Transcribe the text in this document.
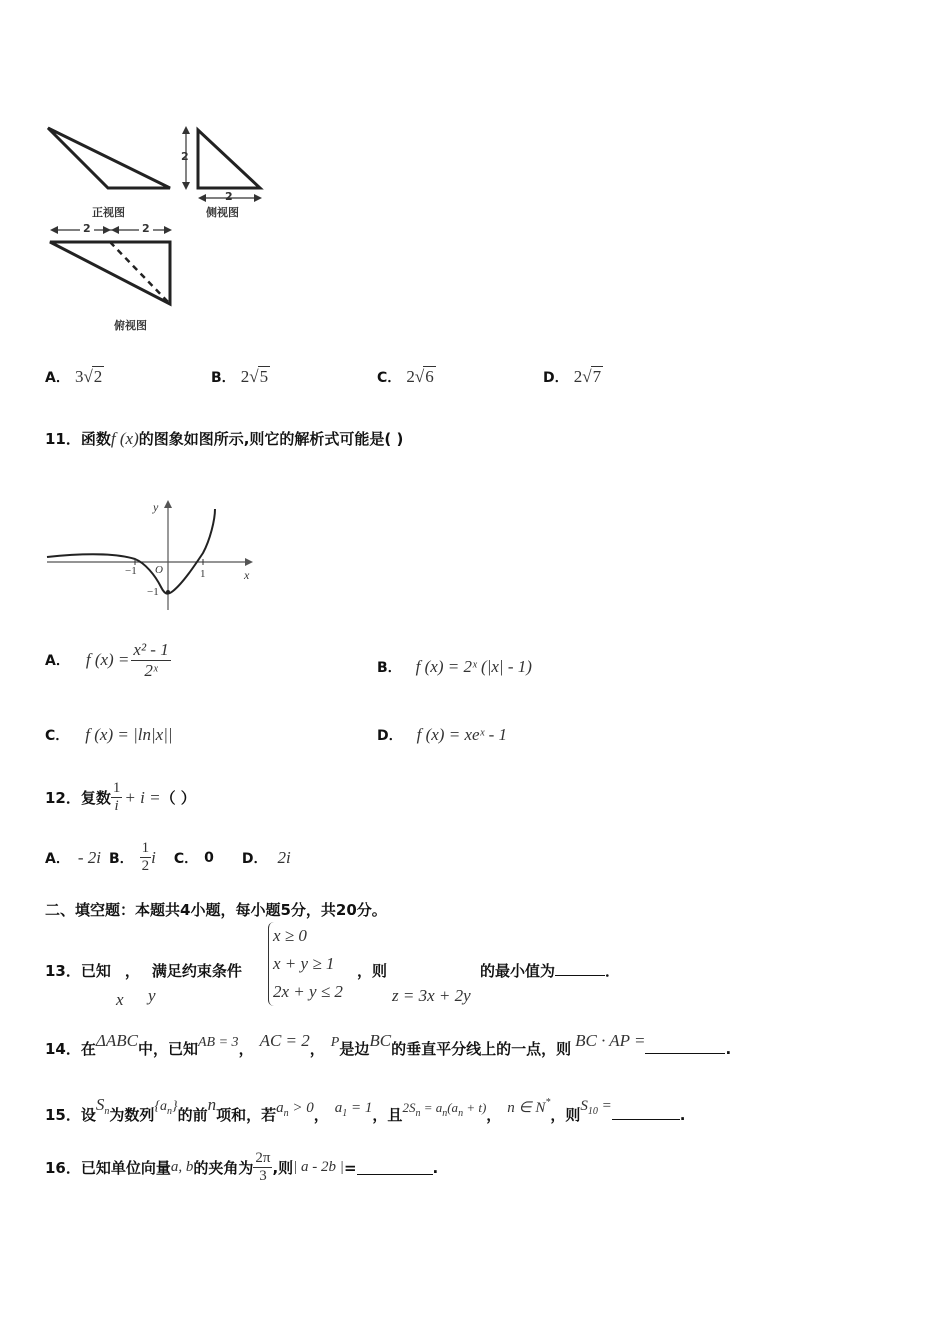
2
2
正视图	侧视图
2	2
俯视图
A． 3√2	B． 2√5	C． 2√6	D． 2√7
11．函数f (x)的图象如图所示,则它的解析式可能是( )
y
x
O
−1	1
−1
A． f $(x) = \frac{\text{x² - 1}}{\text{2ˣ}}$	B． f (x) = 2ˣ (|x| - 1)
C． f (x) = |ln|x||	D． f (x) = xeˣ - 1
12． 复数 $\frac{1}{i} + i$ = （ ）
A． - 2i B． $\frac{1}{2}$ i C． 0 D． 2i
二、填空题：本题共4小题，每小题5分，共20分。
13．已知 ， 满足约束条件
x y
x ≥ 0
x + y ≥ 1
2x + y ≤ 2
，则
z = 3x + 2y
的最小值为	．
14．在ΔABC中，已知AB = 3， AC = 2， P是边BC的垂直平分线上的一点，则 BC · AP =	.
15．设$S_n$为数列$\{a_n\}$的前n项和，若$a_n > 0$， $a_1 = 1$，且$^{2S_n = a_n(a_n + t)}$， n ∈ N*，则$S_{10}$ =	.
16． 已知单位向量 a, b 的夹角为 $\frac{2\pi}{3}$ ,则 | a - 2b | =	.
